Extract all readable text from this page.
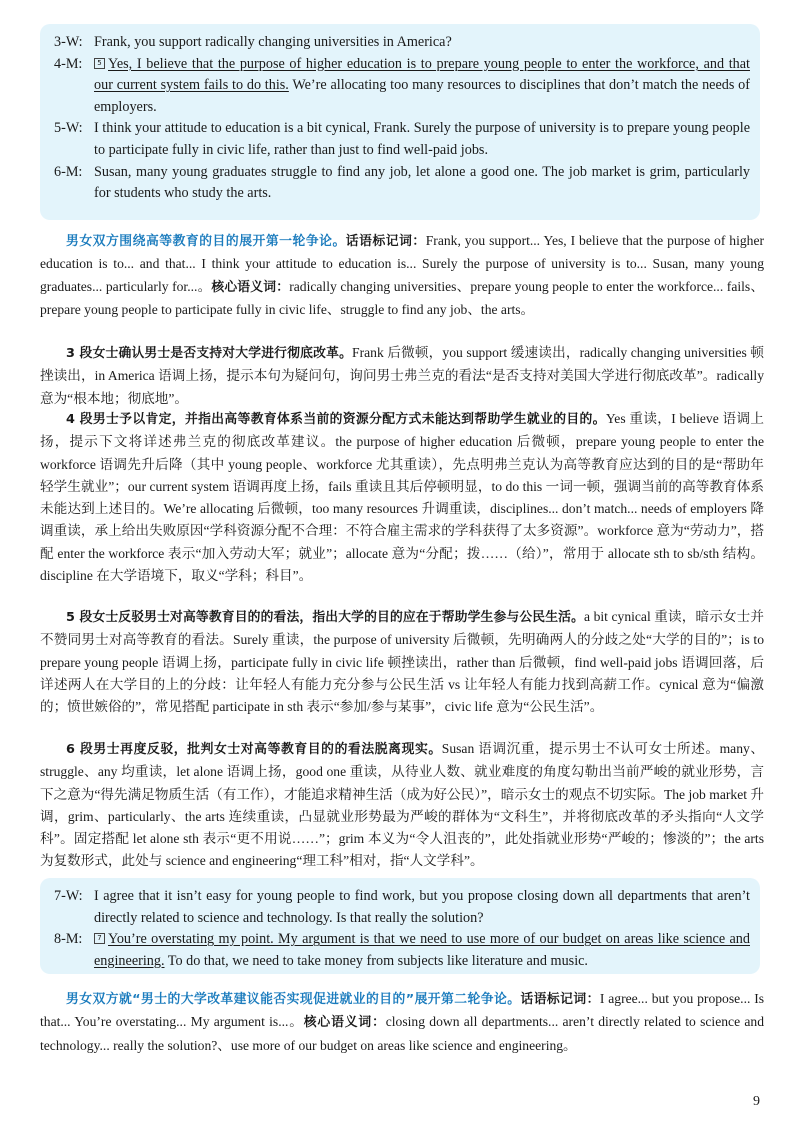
3-W: Frank, you support radically changing universities in America?
4-M: 5 Yes, I believe that the purpose of higher education is to prepare young people to enter the workforce, and that our current system fails to do this. We’re allocating too many resources to disciplines that don’t match the needs of employers.
5-W: I think your attitude to education is a bit cynical, Frank. Surely the purpose of university is to prepare young people to participate fully in civic life, rather than just to find well-paid jobs.
6-M: Susan, many young graduates struggle to find any job, let alone a good one. The job market is grim, particularly for students who study the arts.
男女双方围绕高等教育的目的展开第一轮争论。话语标记词：Frank, you support... Yes, I believe that the purpose of higher education is to... and that... I think your attitude to education is... Surely the purpose of university is to... Susan, many young graduates... particularly for...。核心语义词：radically changing universities、prepare young people to enter the workforce... fails、prepare young people to participate fully in civic life、struggle to find any job、the arts。
3 段女士确认男士是否支持对大学进行彻底改革。Frank 后微顿，you support 缓速读出，radically changing universities 顿挫读出，in America 语调上扬，提示本句为疑问句，询问男士弗兰克的看法“是否支持对美国大学进行彻底改革”。radically 意为“根本地；彻底地”。
4 段男士予以肯定，并指出高等教育体系当前的资源分配方式未能达到帮助学生就业的目的。Yes 重读，I believe 语调上扬，提示下文将详述弗兰克的彻底改革建议。the purpose of higher education 后微顿，prepare young people to enter the workforce 语调先升后降（其中 young people、workforce 尤其重读），先点明弗兰克认为高等教育应达到的目的是“帮助年轻学生就业”；our current system 语调再度上扬，fails 重读且其后停顿明显，to do this 一词一顿，强调当前的高等教育体系未能达到上述目的。We’re allocating 后微顿，too many resources 升调重读，disciplines... don’t match... needs of employers 降调重读，承上给出失败原因“学科资源分配不合理：不符合雇主需求的学科获得了太多资源”。workforce 意为“劳动力”，搭配 enter the workforce 表示“加入劳动大军；就业”；allocate 意为“分配；拨……（给）”，常用于 allocate sth to sb/sth 结构。discipline 在大学语境下，取义“学科；科目”。
5 段女士反驳男士对高等教育目的的看法，指出大学的目的应在于帮助学生参与公民生活。a bit cynical 重读，暗示女士并不赞同男士对高等教育的看法。Surely 重读，the purpose of university 后微顿，先明确两人的分歧之处“大学的目的”；is to prepare young people 语调上扬，participate fully in civic life 顿挫读出，rather than 后微顿，find well-paid jobs 语调回落，后详述两人在大学目的上的分歧：让年轻人有能力充分参与公民生活 vs 让年轻人有能力找到高薪工作。cynical 意为“偏激的；愤世嫉俗的”，常见搭配 participate in sth 表示“参加/参与某事”，civic life 意为“公民生活”。
6 段男士再度反驳，批判女士对高等教育目的的看法脱离现实。Susan 语调沉重，提示男士不认可女士所述。many、struggle、any 均重读，let alone 语调上扬，good one 重读，从待业人数、就业难度的角度勾勒出当前严峻的就业形势，言下之意为“得先满足物质生活（有工作），才能追求精神生活（成为好公民）”，暗示女士的观点不切实际。The job market 升调，grim、particularly、the arts 连续重读，凸显就业形势最为严峻的群体为“文科生”，并将彻底改革的矛头指向“人文学科”。固定搭配 let alone sth 表示“更不用说……”；grim 本义为“令人沮丧的”，此处指就业形势“严峻的；惨淡的”；the arts 为复数形式，此处与 science and engineering“理工科”相对，指“人文学科”。
7-W: I agree that it isn’t easy for young people to find work, but you propose closing down all departments that aren’t directly related to science and technology. Is that really the solution?
8-M: 7 You’re overstating my point. My argument is that we need to use more of our budget on areas like science and engineering. To do that, we need to take money from subjects like literature and music.
男女双方就“男士的大学改革建议能否实现促进就业的目的”展开第二轮争论。话语标记词：I agree... but you propose... Is that... You’re overstating... My argument is...。核心语义词：closing down all departments... aren’t directly related to science and technology... really the solution?、use more of our budget on areas like science and engineering。
9
